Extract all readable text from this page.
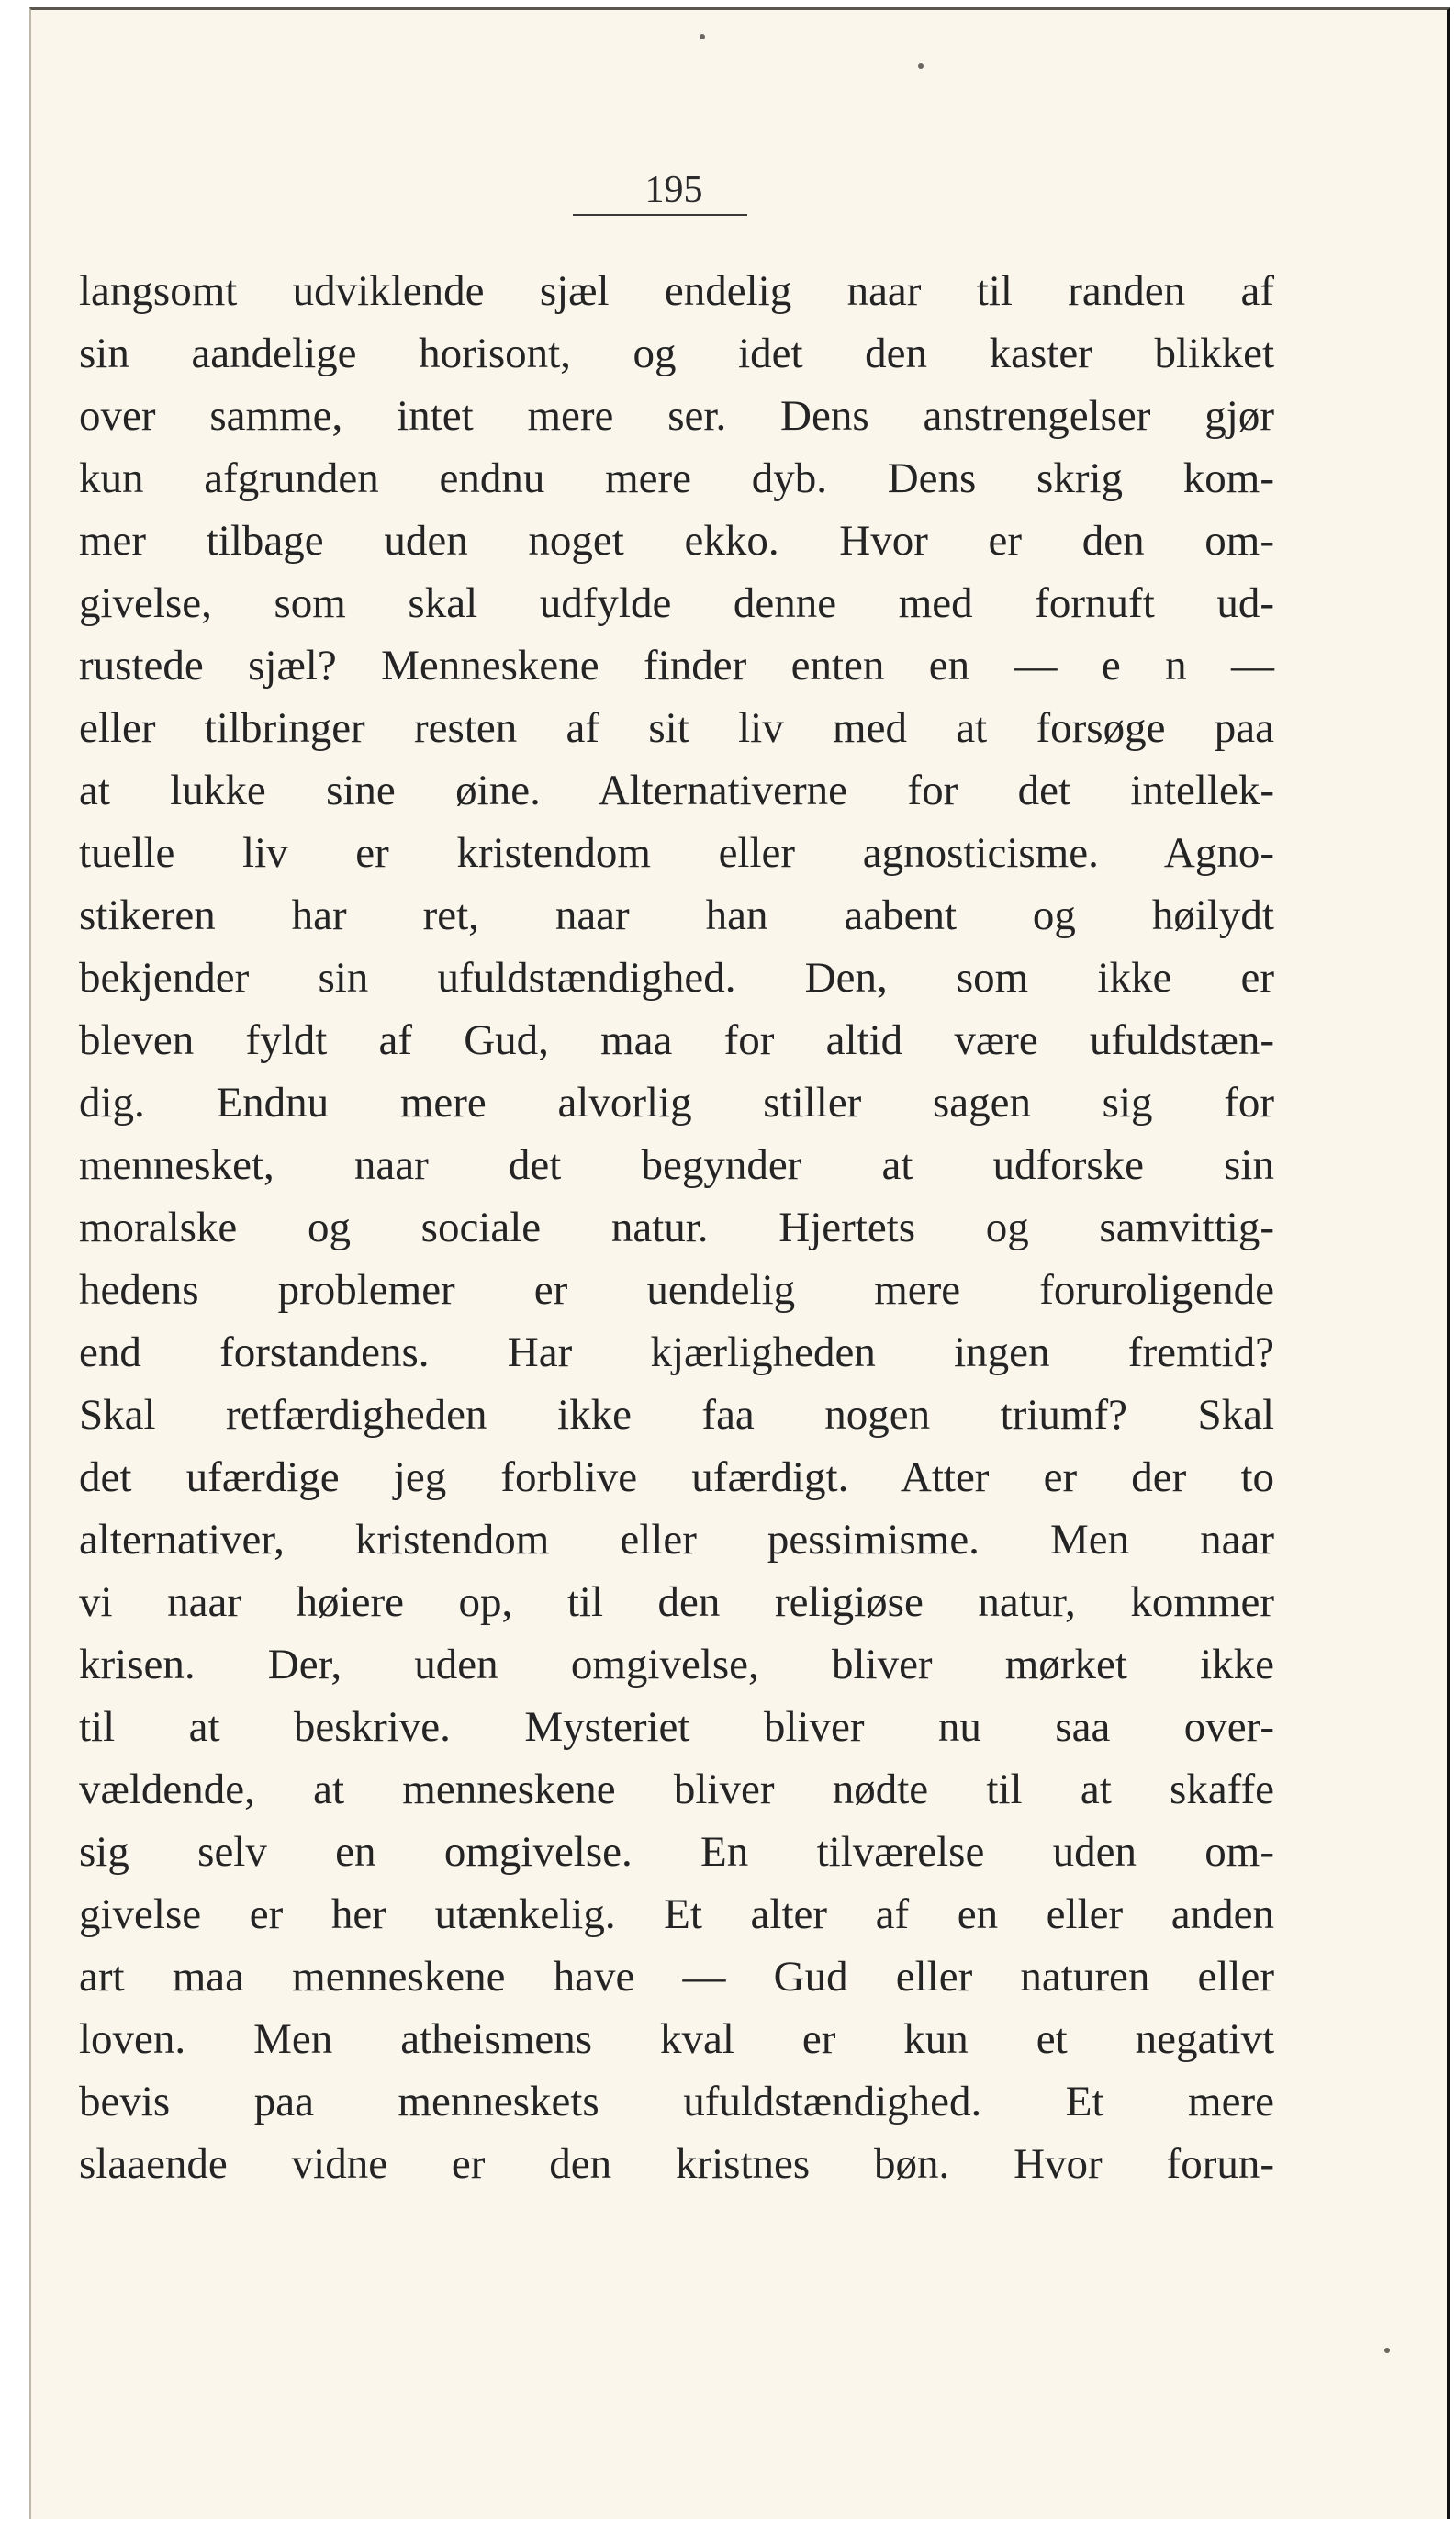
195
langsomt udviklende sjæl endelig naar til randen af
sin aandelige horisont, og idet den kaster blikket
over samme, intet mere ser. Dens anstrengelser gjør
kun afgrunden endnu mere dyb. Dens skrig kom-
mer tilbage uden noget ekko. Hvor er den om-
givelse, som skal udfylde denne med fornuft ud-
rustede sjæl? Menneskene finder enten en — e n —
eller tilbringer resten af sit liv med at forsøge paa
at lukke sine øine. Alternativerne for det intellek-
tuelle liv er kristendom eller agnosticisme. Agno-
stikeren har ret, naar han aabent og høilydt
bekjender sin ufuldstændighed. Den, som ikke er
bleven fyldt af Gud, maa for altid være ufuldstæn-
dig. Endnu mere alvorlig stiller sagen sig for
mennesket, naar det begynder at udforske sin
moralske og sociale natur. Hjertets og samvittig-
hedens problemer er uendelig mere foruroligende
end forstandens. Har kjærligheden ingen fremtid?
Skal retfærdigheden ikke faa nogen triumf? Skal
det ufærdige jeg forblive ufærdigt. Atter er der to
alternativer, kristendom eller pessimisme. Men naar
vi naar høiere op, til den religiøse natur, kommer
krisen. Der, uden omgivelse, bliver mørket ikke
til at beskrive. Mysteriet bliver nu saa over-
vældende, at menneskene bliver nødte til at skaffe
sig selv en omgivelse. En tilværelse uden om-
givelse er her utænkelig. Et alter af en eller anden
art maa menneskene have — Gud eller naturen eller
loven. Men atheismens kval er kun et negativt
bevis paa menneskets ufuldstændighed. Et mere
slaaende vidne er den kristnes bøn. Hvor forun-
